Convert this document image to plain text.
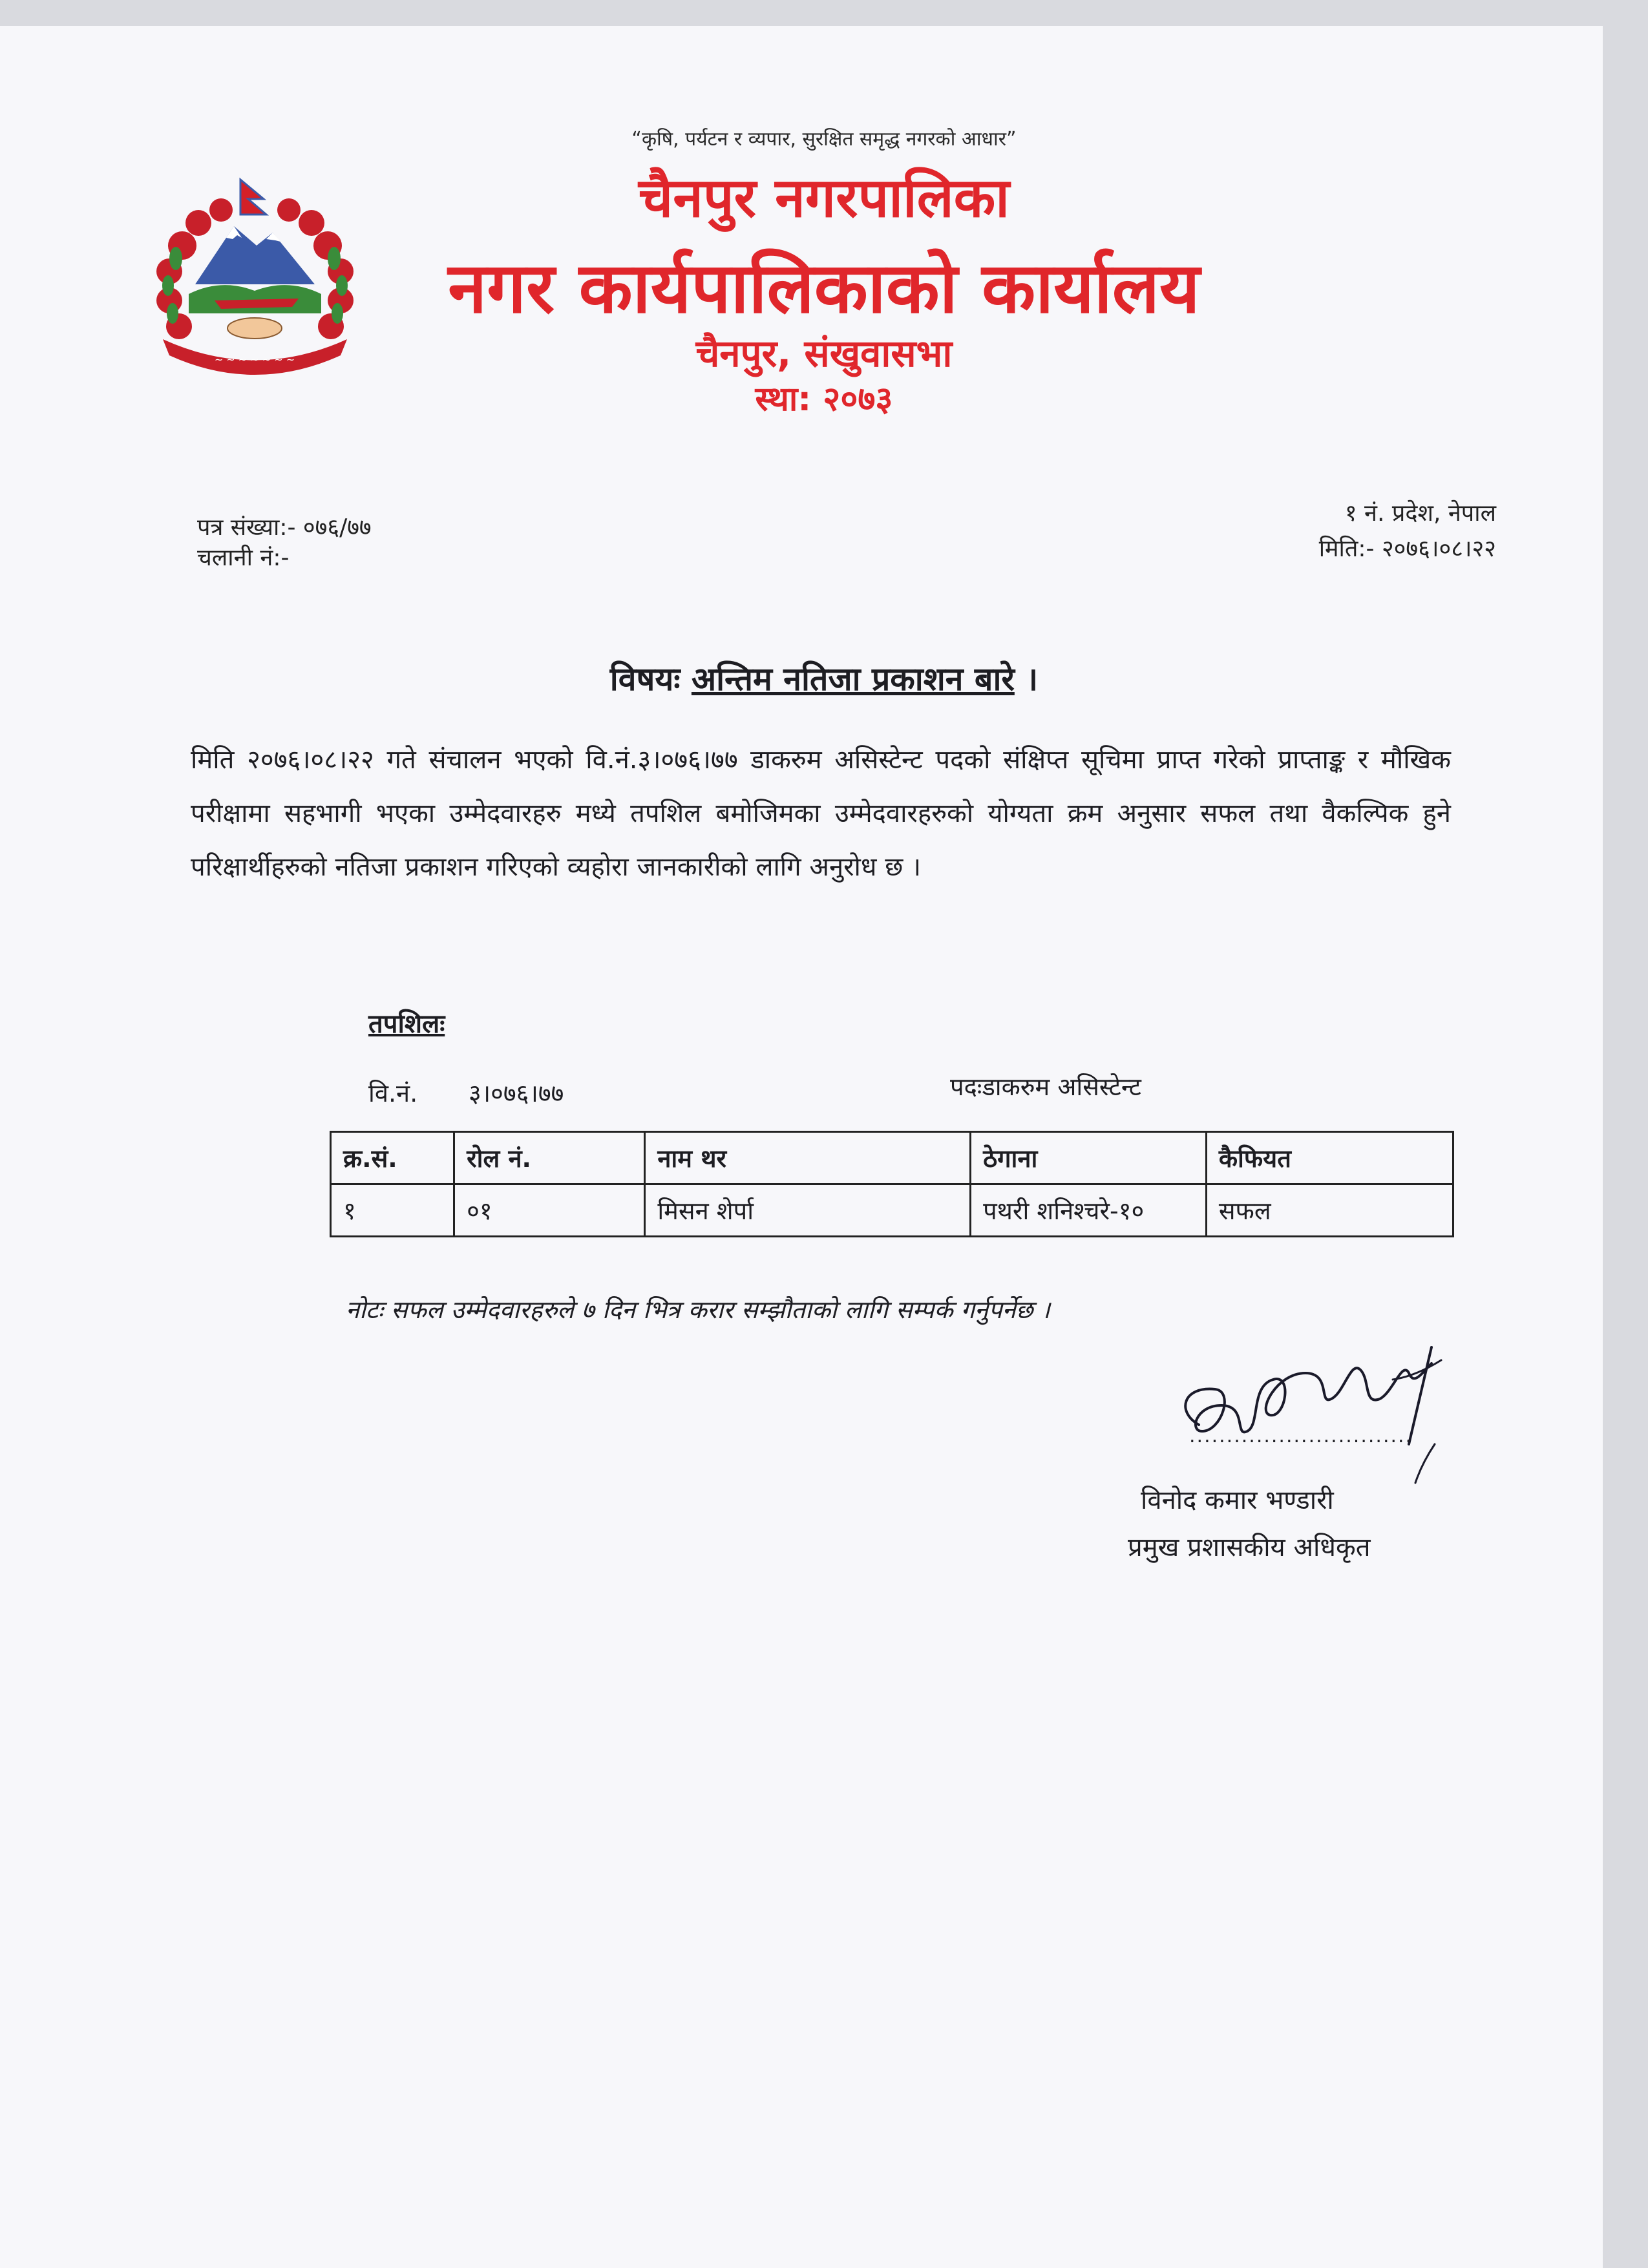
“कृषि, पर्यटन र व्यपार, सुरक्षित समृद्ध नगरको आधार”
चैनपुर नगरपालिका
नगर कार्यपालिकाको कार्यालय
चैनपुर, संखुवासभा
स्था: २०७३
~ ~ ~ ~ ~ ~ ~
पत्र संख्या:- ०७६/७७
चलानी नं:-
१ नं. प्रदेश, नेपाल
मिति:- २०७६।०८।२२
विषयः अन्तिम नतिजा प्रकाशन बारे ।
मिति २०७६।०८।२२ गते संचालन भएको वि.नं.३।०७६।७७ डाकरुम असिस्टेन्ट पदको संक्षिप्त सूचिमा प्राप्त गरेको प्राप्ताङ्क र मौखिक परीक्षामा सहभागी भएका उम्मेदवारहरु मध्ये तपशिल बमोजिमका उम्मेदवारहरुको योग्यता क्रम अनुसार सफल तथा वैकल्पिक हुने परिक्षार्थीहरुको नतिजा प्रकाशन गरिएको व्यहोरा जानकारीको लागि अनुरोध छ ।
तपशिलः
वि.नं. ३।०७६।७७	पदःडाकरुम असिस्टेन्ट
क्र.सं.	रोल नं.	नाम थर	ठेगाना	कैफियत
१	०१	मिसन शेर्पा	पथरी शनिश्चरे-१०	सफल
नोटः सफल उम्मेदवारहरुले ७ दिन भित्र करार सम्झौताको लागि सम्पर्क गर्नुपर्नेछ ।
..............................
विनोद कमार भण्डारी
प्रमुख प्रशासकीय अधिकृत
